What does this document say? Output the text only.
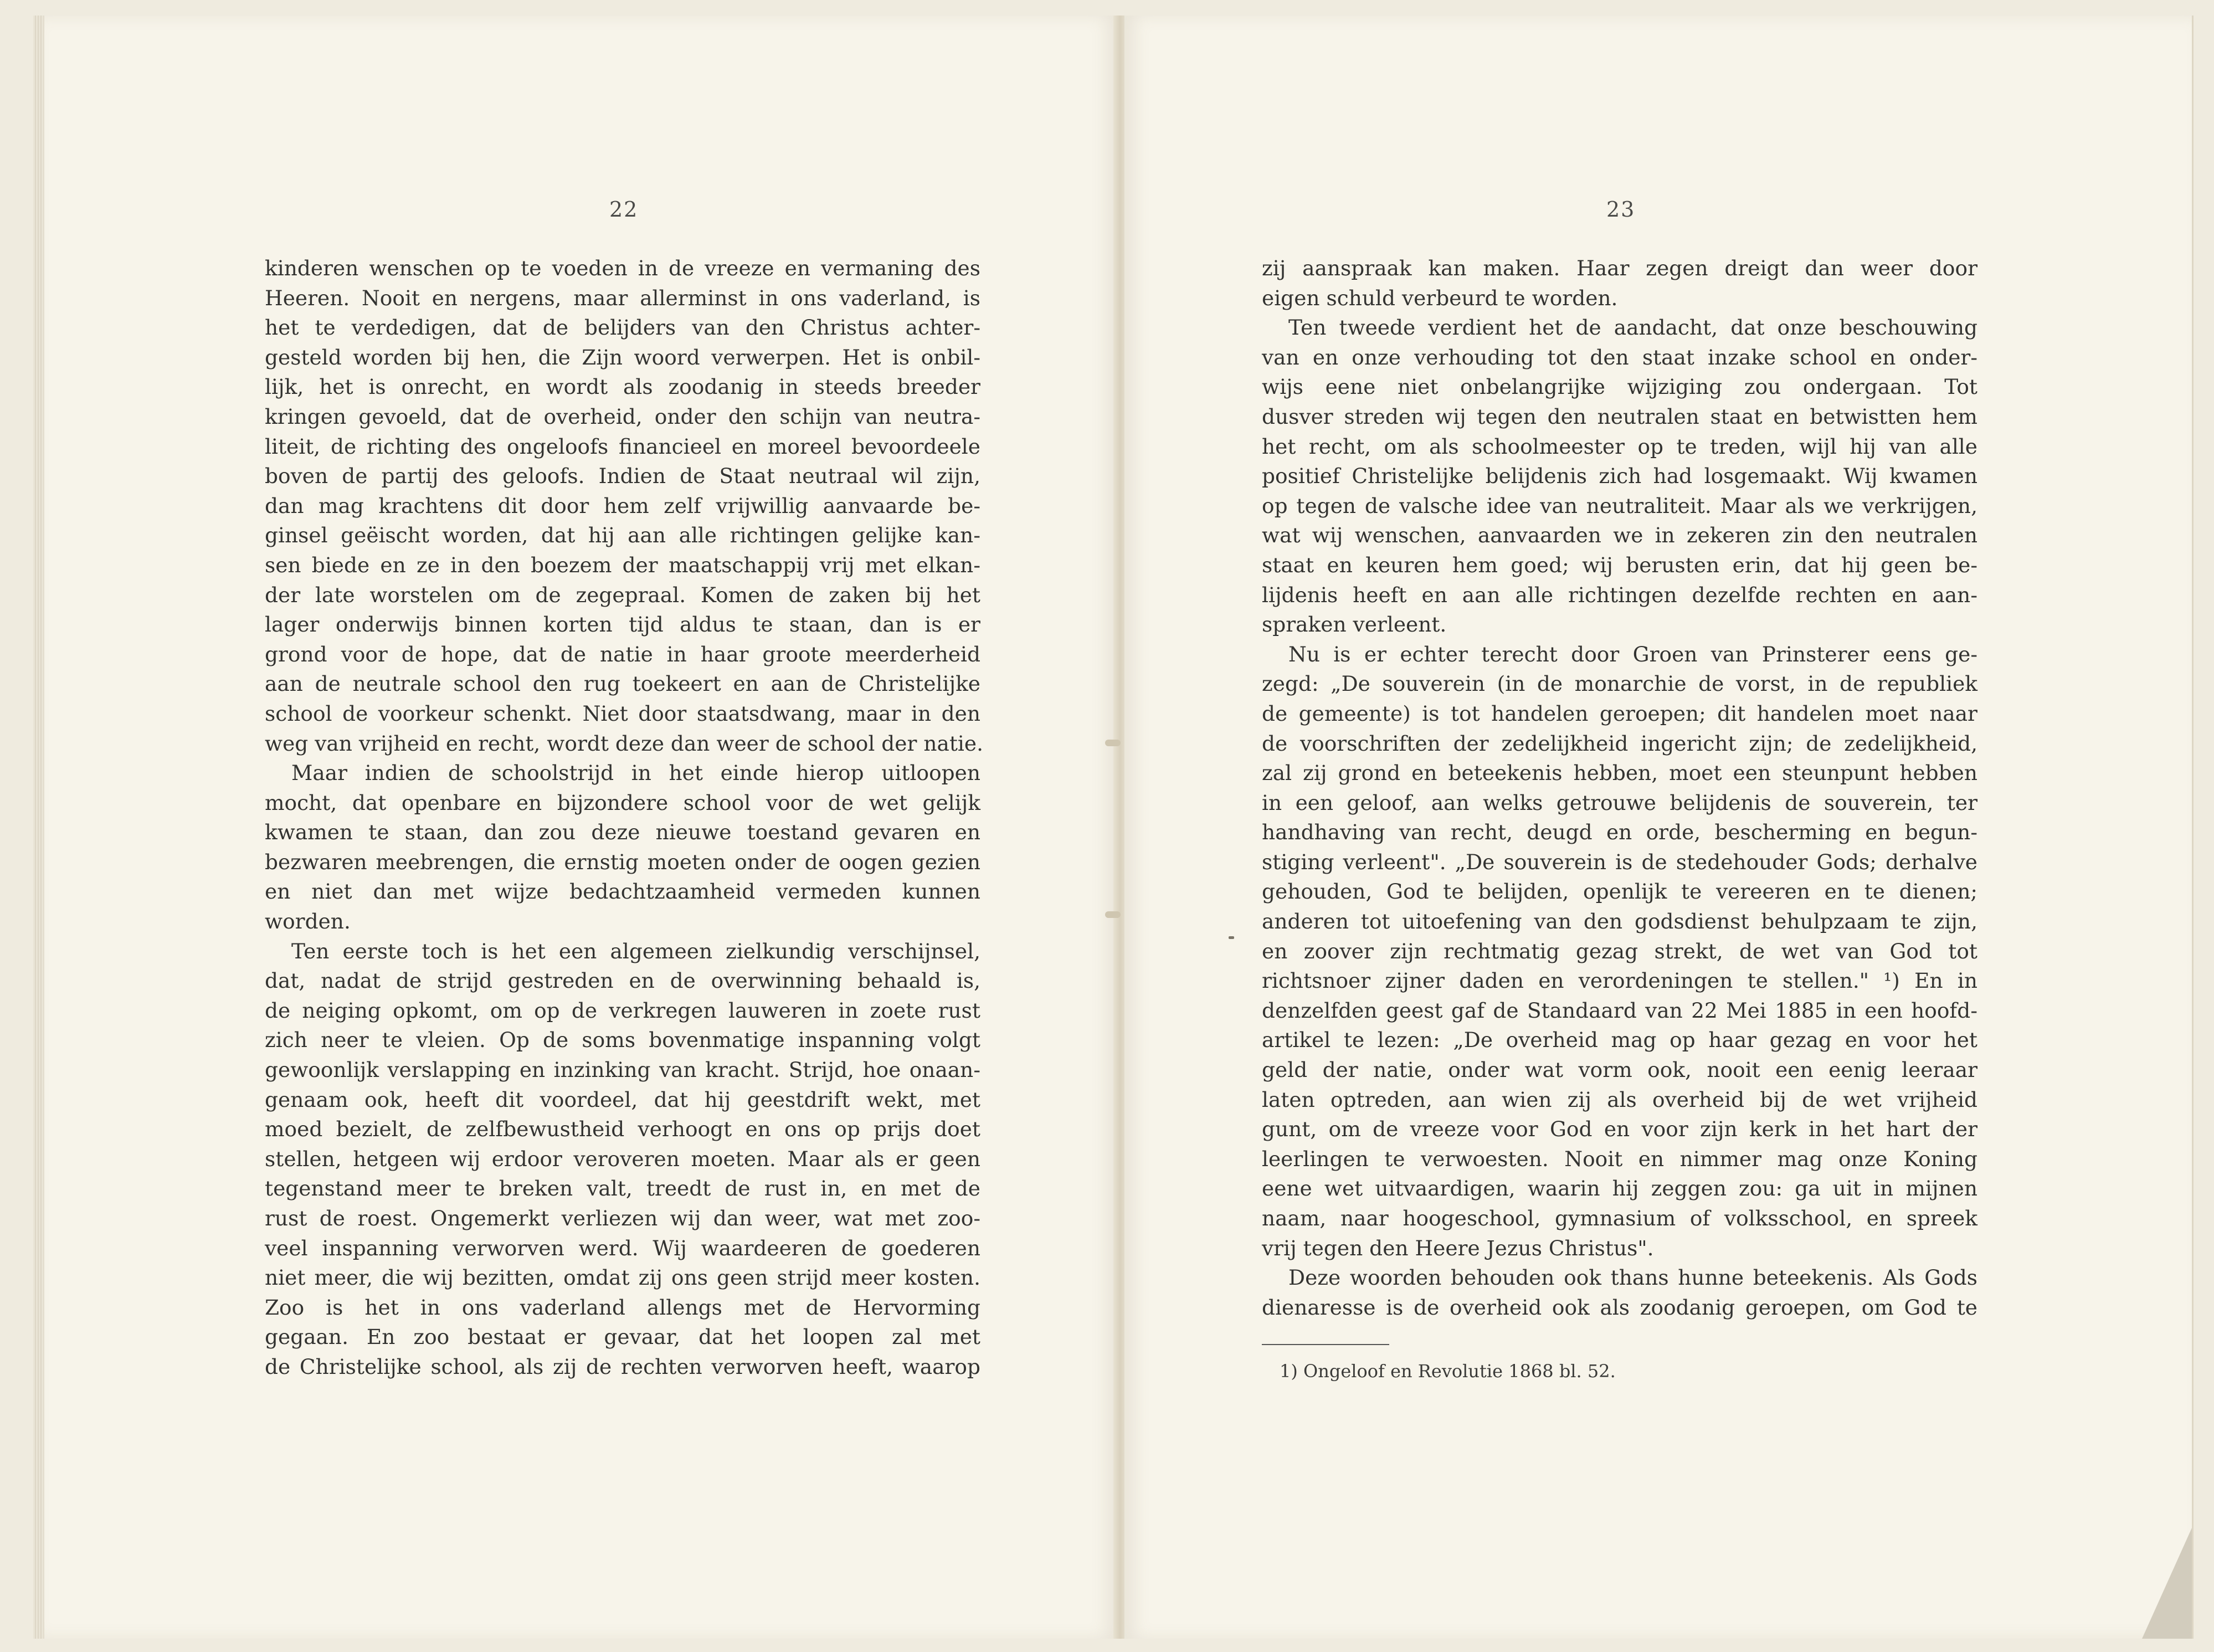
22
kinderen wenschen op te voeden in de vreeze en vermaning des
Heeren. Nooit en nergens, maar allerminst in ons vaderland, is
het te verdedigen, dat de belijders van den Christus achter-
gesteld worden bij hen, die Zijn woord verwerpen. Het is onbil-
lijk, het is onrecht, en wordt als zoodanig in steeds breeder
kringen gevoeld, dat de overheid, onder den schijn van neutra-
liteit, de richting des ongeloofs financieel en moreel bevoordeele
boven de partij des geloofs. Indien de Staat neutraal wil zijn,
dan mag krachtens dit door hem zelf vrijwillig aanvaarde be-
ginsel geëischt worden, dat hij aan alle richtingen gelijke kan-
sen biede en ze in den boezem der maatschappij vrij met elkan-
der late worstelen om de zegepraal. Komen de zaken bij het
lager onderwijs binnen korten tijd aldus te staan, dan is er
grond voor de hope, dat de natie in haar groote meerderheid
aan de neutrale school den rug toekeert en aan de Christelijke
school de voorkeur schenkt. Niet door staatsdwang, maar in den
weg van vrijheid en recht, wordt deze dan weer de school der natie.
Maar indien de schoolstrijd in het einde hierop uitloopen
mocht, dat openbare en bijzondere school voor de wet gelijk
kwamen te staan, dan zou deze nieuwe toestand gevaren en
bezwaren meebrengen, die ernstig moeten onder de oogen gezien
en niet dan met wijze bedachtzaamheid vermeden kunnen
worden.
Ten eerste toch is het een algemeen zielkundig verschijnsel,
dat, nadat de strijd gestreden en de overwinning behaald is,
de neiging opkomt, om op de verkregen lauweren in zoete rust
zich neer te vleien. Op de soms bovenmatige inspanning volgt
gewoonlijk verslapping en inzinking van kracht. Strijd, hoe onaan-
genaam ook, heeft dit voordeel, dat hij geestdrift wekt, met
moed bezielt, de zelfbewustheid verhoogt en ons op prijs doet
stellen, hetgeen wij erdoor veroveren moeten. Maar als er geen
tegenstand meer te breken valt, treedt de rust in, en met de
rust de roest. Ongemerkt verliezen wij dan weer, wat met zoo-
veel inspanning verworven werd. Wij waardeeren de goederen
niet meer, die wij bezitten, omdat zij ons geen strijd meer kosten.
Zoo is het in ons vaderland allengs met de Hervorming
gegaan. En zoo bestaat er gevaar, dat het loopen zal met
de Christelijke school, als zij de rechten verworven heeft, waarop
23
zij aanspraak kan maken. Haar zegen dreigt dan weer door
eigen schuld verbeurd te worden.
Ten tweede verdient het de aandacht, dat onze beschouwing
van en onze verhouding tot den staat inzake school en onder-
wijs eene niet onbelangrijke wijziging zou ondergaan. Tot
dusver streden wij tegen den neutralen staat en betwistten hem
het recht, om als schoolmeester op te treden, wijl hij van alle
positief Christelijke belijdenis zich had losgemaakt. Wij kwamen
op tegen de valsche idee van neutraliteit. Maar als we verkrijgen,
wat wij wenschen, aanvaarden we in zekeren zin den neutralen
staat en keuren hem goed; wij berusten erin, dat hij geen be-
lijdenis heeft en aan alle richtingen dezelfde rechten en aan-
spraken verleent.
Nu is er echter terecht door Groen van Prinsterer eens ge-
zegd: „De souverein (in de monarchie de vorst, in de republiek
de gemeente) is tot handelen geroepen; dit handelen moet naar
de voorschriften der zedelijkheid ingericht zijn; de zedelijkheid,
zal zij grond en beteekenis hebben, moet een steunpunt hebben
in een geloof, aan welks getrouwe belijdenis de souverein, ter
handhaving van recht, deugd en orde, bescherming en begun-
stiging verleent". „De souverein is de stedehouder Gods; derhalve
gehouden, God te belijden, openlijk te vereeren en te dienen;
anderen tot uitoefening van den godsdienst behulpzaam te zijn,
en zoover zijn rechtmatig gezag strekt, de wet van God tot
richtsnoer zijner daden en verordeningen te stellen." ¹) En in
denzelfden geest gaf de Standaard van 22 Mei 1885 in een hoofd-
artikel te lezen: „De overheid mag op haar gezag en voor het
geld der natie, onder wat vorm ook, nooit een eenig leeraar
laten optreden, aan wien zij als overheid bij de wet vrijheid
gunt, om de vreeze voor God en voor zijn kerk in het hart der
leerlingen te verwoesten. Nooit en nimmer mag onze Koning
eene wet uitvaardigen, waarin hij zeggen zou: ga uit in mijnen
naam, naar hoogeschool, gymnasium of volksschool, en spreek
vrij tegen den Heere Jezus Christus".
Deze woorden behouden ook thans hunne beteekenis. Als Gods
dienaresse is de overheid ook als zoodanig geroepen, om God te
1) Ongeloof en Revolutie 1868 bl. 52.
